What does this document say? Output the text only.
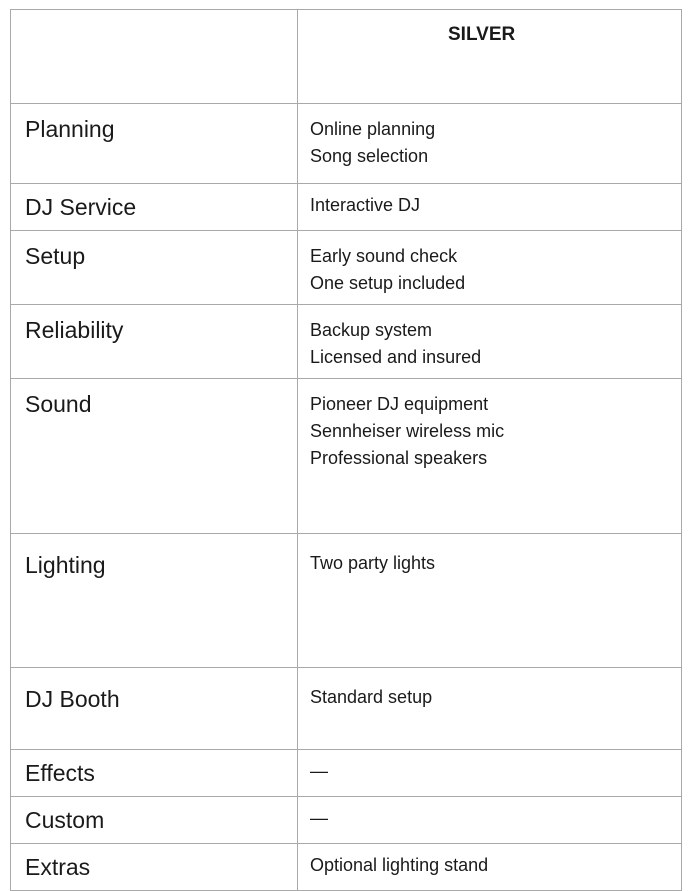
	SILVER
Planning	Online planning
Song selection

DJ Service	Interactive DJ

Setup	Early sound check
One setup included

Reliability	Backup system
Licensed and insured

Sound	Pioneer DJ equipment
Sennheiser wireless mic
Professional speakers

Lighting	Two party lights

DJ Booth	Standard setup

Effects	—

Custom	—

Extras	Optional lighting stand
